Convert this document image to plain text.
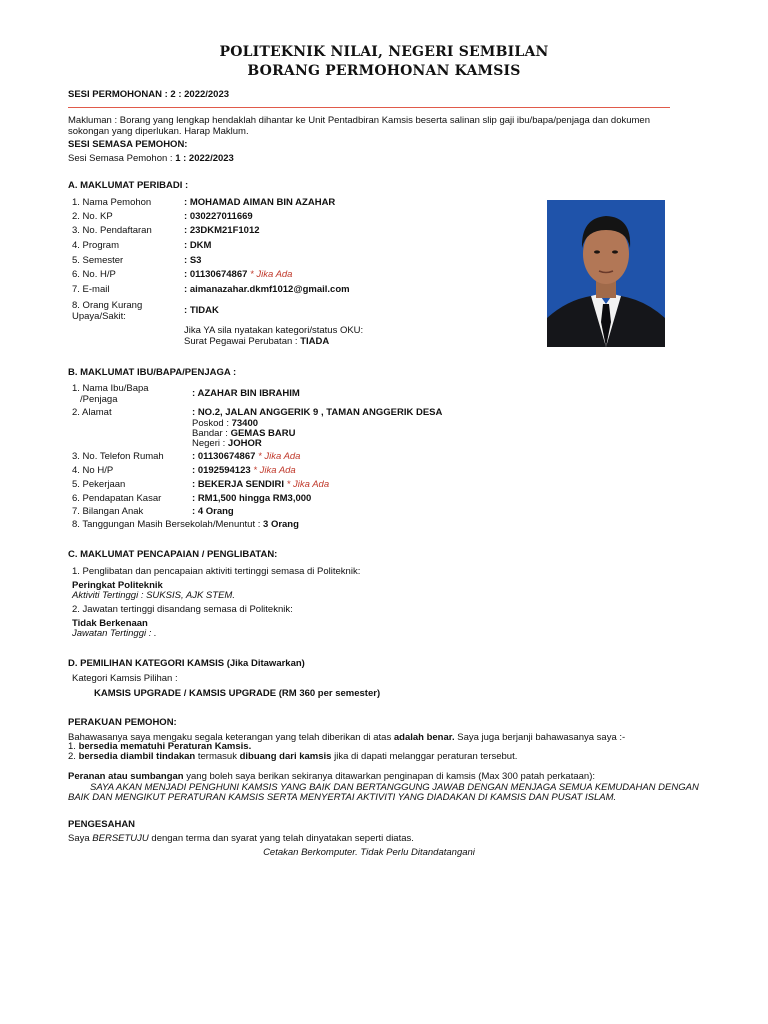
POLITEKNIK NILAI, NEGERI SEMBILAN
BORANG PERMOHONAN KAMSIS
SESI PERMOHONAN : 2 : 2022/2023
Makluman : Borang yang lengkap hendaklah dihantar ke Unit Pentadbiran Kamsis beserta salinan slip gaji ibu/bapa/penjaga dan dokumen
sokongan yang diperlukan. Harap Maklum.
SESI SEMASA PEMOHON:
Sesi Semasa Pemohon : 1 : 2022/2023
A. MAKLUMAT PERIBADI :
1. Nama Pemohon	: MOHAMAD AIMAN BIN AZAHAR
2. No. KP	: 030227011669
3. No. Pendaftaran	: 23DKM21F1012
4. Program	: DKM
5. Semester	: S3
6. No. H/P	: 01130674867 * Jika Ada
7. E-mail	: aimanazahar.dkmf1012@gmail.com
8. Orang Kurang
Upaya/Sakit:
: TIDAK
Jika YA sila nyatakan kategori/status OKU:
Surat Pegawai Perubatan : TIADA
B. MAKLUMAT IBU/BAPA/PENJAGA :
1. Nama Ibu/Bapa
/Penjaga
: AZAHAR BIN IBRAHIM
2. Alamat	: NO.2, JALAN ANGGERIK 9 , TAMAN ANGGERIK DESA
Poskod : 73400
Bandar : GEMAS BARU
Negeri : JOHOR
3. No. Telefon Rumah	: 01130674867 * Jika Ada
4. No H/P	: 0192594123 * Jika Ada
5. Pekerjaan	: BEKERJA SENDIRI * Jika Ada
6. Pendapatan Kasar	: RM1,500 hingga RM3,000
7. Bilangan Anak	: 4 Orang
8. Tanggungan Masih Bersekolah/Menuntut : 3 Orang
C. MAKLUMAT PENCAPAIAN / PENGLIBATAN:
1. Penglibatan dan pencapaian aktiviti tertinggi semasa di Politeknik:
Peringkat Politeknik
Aktiviti Tertinggi : SUKSIS, AJK STEM.
2. Jawatan tertinggi disandang semasa di Politeknik:
Tidak Berkenaan
Jawatan Tertinggi : .
D. PEMILIHAN KATEGORI KAMSIS (Jika Ditawarkan)
Kategori Kamsis Pilihan :
KAMSIS UPGRADE / KAMSIS UPGRADE (RM 360 per semester)
PERAKUAN PEMOHON:
Bahawasanya saya mengaku segala keterangan yang telah diberikan di atas adalah benar. Saya juga berjanji bahawasanya saya :-
1. bersedia mematuhi Peraturan Kamsis.
2. bersedia diambil tindakan termasuk dibuang dari kamsis jika di dapati melanggar peraturan tersebut.
Peranan atau sumbangan yang boleh saya berikan sekiranya ditawarkan penginapan di kamsis (Max 300 patah perkataan):
SAYA AKAN MENJADI PENGHUNI KAMSIS YANG BAIK DAN BERTANGGUNG JAWAB DENGAN MENJAGA SEMUA KEMUDAHAN DENGAN
BAIK DAN MENGIKUT PERATURAN KAMSIS SERTA MENYERTAI AKTIVITI YANG DIADAKAN DI KAMSIS DAN PUSAT ISLAM.
PENGESAHAN
Saya BERSETUJU dengan terma dan syarat yang telah dinyatakan seperti diatas.
Cetakan Berkomputer. Tidak Perlu Ditandatangani
